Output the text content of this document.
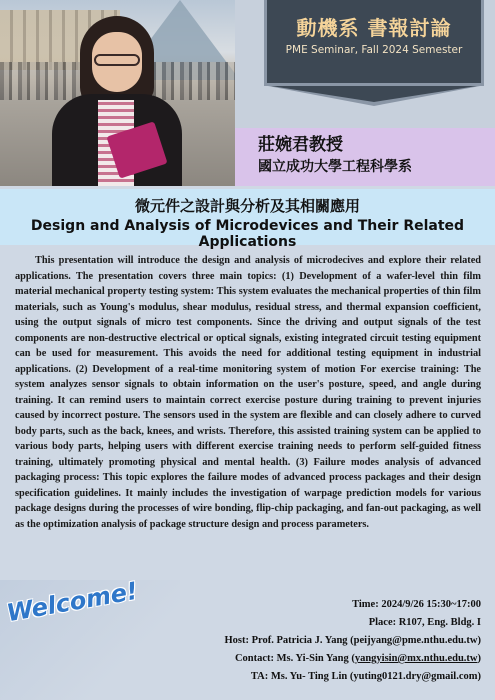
動機系 書報討論
PME Seminar, Fall 2024 Semester
莊婉君教授
國立成功大學工程科學系
微元件之設計與分析及其相關應用
Design and Analysis of Microdevices and Their Related Applications

This presentation will introduce the design and analysis of microdecives and explore their related applications. The presentation covers three main topics: (1) Development of a wafer-level thin film material mechanical property testing system: This system evaluates the mechanical properties of thin film materials, such as Young's modulus, shear modulus, residual stress, and thermal expansion coefficient, using the output signals of micro test components. Since the driving and output signals of the test components are non-destructive electrical or optical signals, existing integrated circuit testing equipment can be used for measurement. This avoids the need for additional testing equipment in industrial applications. (2) Development of a real-time monitoring system of motion For exercise training: The system analyzes sensor signals to obtain information on the user's posture, speed, and angle during training. It can remind users to maintain correct exercise posture during training to prevent injuries caused by incorrect posture. The sensors used in the system are flexible and can closely adhere to curved body parts, such as the back, knees, and wrists. Therefore, this assisted training system can be applied to various body parts, helping users with different exercise training needs to perform self-guided fitness training, ultimately promoting physical and mental health. (3) Failure modes analysis of advanced packaging process: This topic explores the failure modes of advanced process packages and their design specification guidelines. It mainly includes the investigation of warpage prediction models for various package designs during the processes of wire bonding, flip-chip packaging, and fan-out packaging, as well as the optimization analysis of package structure design and process parameters.

Welcome!	Time: 2024/9/26 15:30~17:00
Place: R107, Eng. Bldg. I
Host: Prof. Patricia J. Yang (peijyang@pme.nthu.edu.tw)
Contact: Ms. Yi-Sin Yang (yangyisin@mx.nthu.edu.tw)
TA: Ms. Yu- Ting Lin (yuting0121.dry@gmail.com)
